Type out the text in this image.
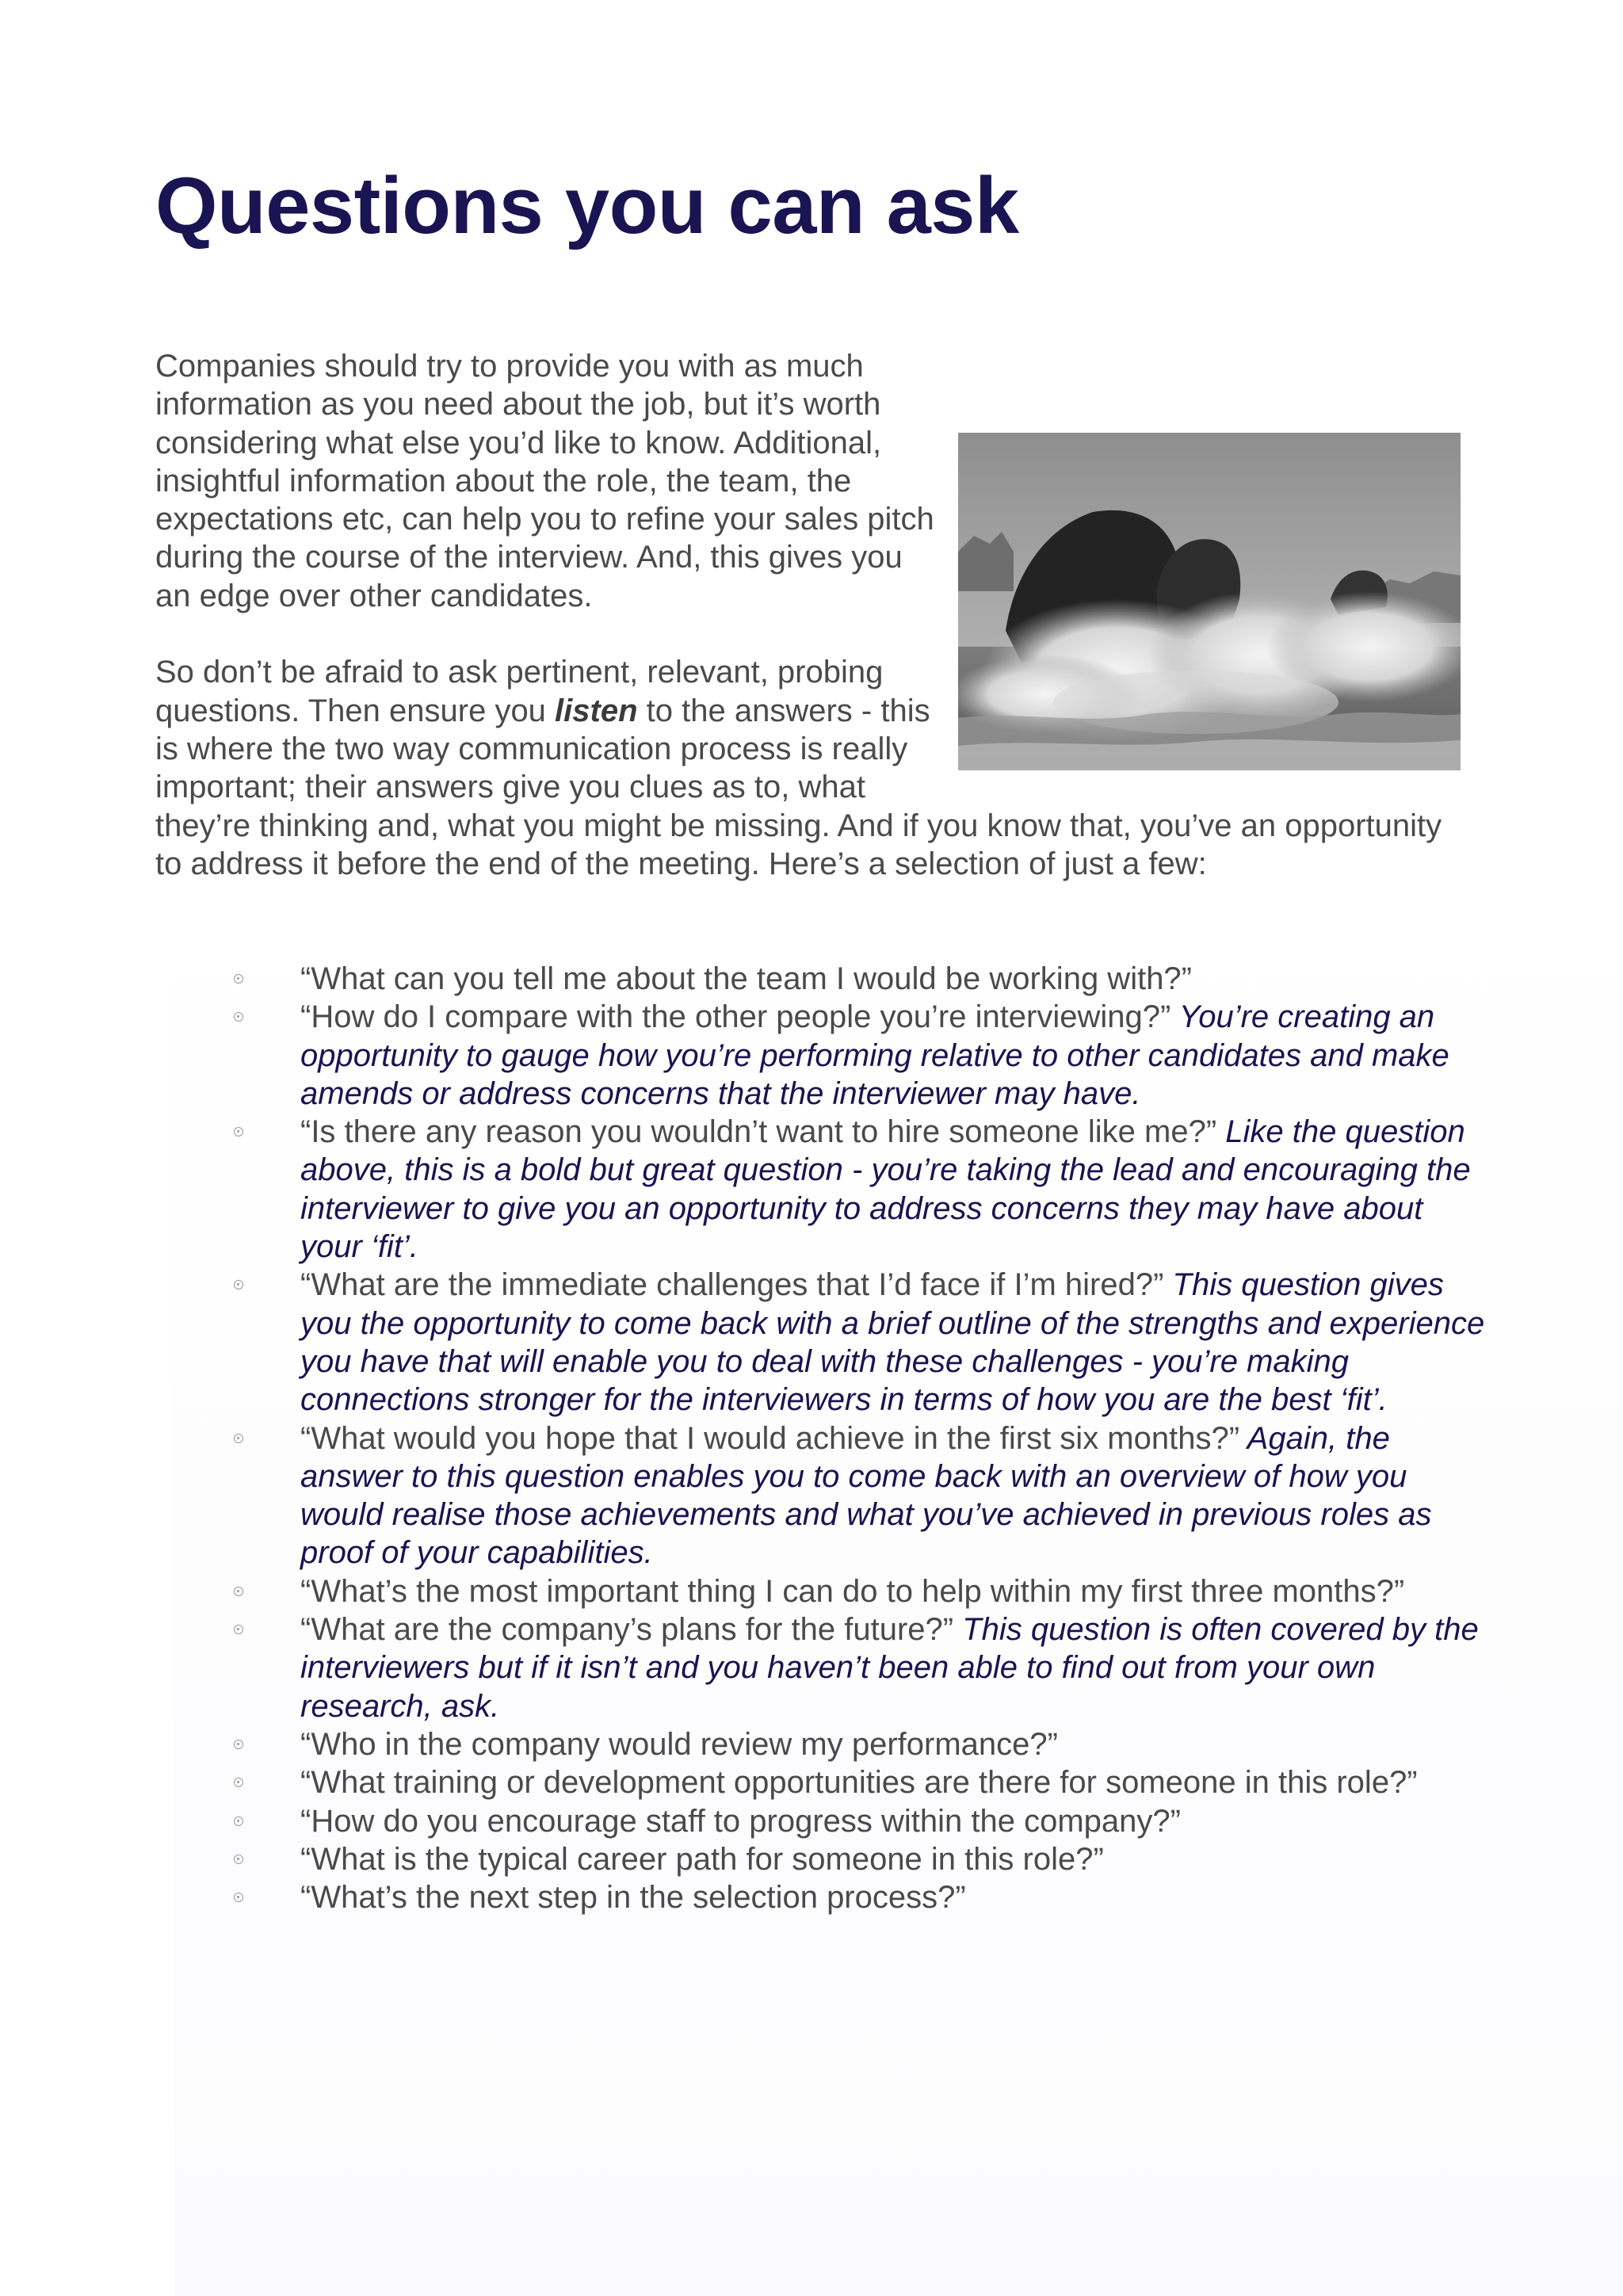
Questions you can ask

Companies should try to provide you with as much information as you need about the job, but it’s worth considering what else you’d like to know. Additional, insightful information about the role, the team, the expectations etc, can help you to refine your sales pitch during the course of the interview. And, this gives you an edge over other candidates.

So don’t be afraid to ask pertinent, relevant, probing questions. Then ensure you listen to the answers - this is where the two way communication process is really important; their answers give you clues as to, what they’re thinking and, what you might be missing. And if you know that, you’ve an opportunity to address it before the end of the meeting. Here’s a selection of just a few:

“What can you tell me about the team I would be working with?”
“How do I compare with the other people you’re interviewing?” You’re creating an opportunity to gauge how you’re performing relative to other candidates and make amends or address concerns that the interviewer may have.
“Is there any reason you wouldn’t want to hire someone like me?” Like the question above, this is a bold but great question - you’re taking the lead and encouraging the interviewer to give you an opportunity to address concerns they may have about your ‘fit’.
“What are the immediate challenges that I’d face if I’m hired?” This question gives you the opportunity to come back with a brief outline of the strengths and experience you have that will enable you to deal with these challenges - you’re making connections stronger for the interviewers in terms of how you are the best ‘fit’.
“What would you hope that I would achieve in the first six months?” Again, the answer to this question enables you to come back with an overview of how you would realise those achievements and what you’ve achieved in previous roles as proof of your capabilities.
“What’s the most important thing I can do to help within my first three months?”
“What are the company’s plans for the future?” This question is often covered by the interviewers but if it isn’t and you haven’t been able to find out from your own research, ask.
“Who in the company would review my performance?”
“What training or development opportunities are there for someone in this role?”
“How do you encourage staff to progress within the company?”
“What is the typical career path for someone in this role?”
“What’s the next step in the selection process?”
